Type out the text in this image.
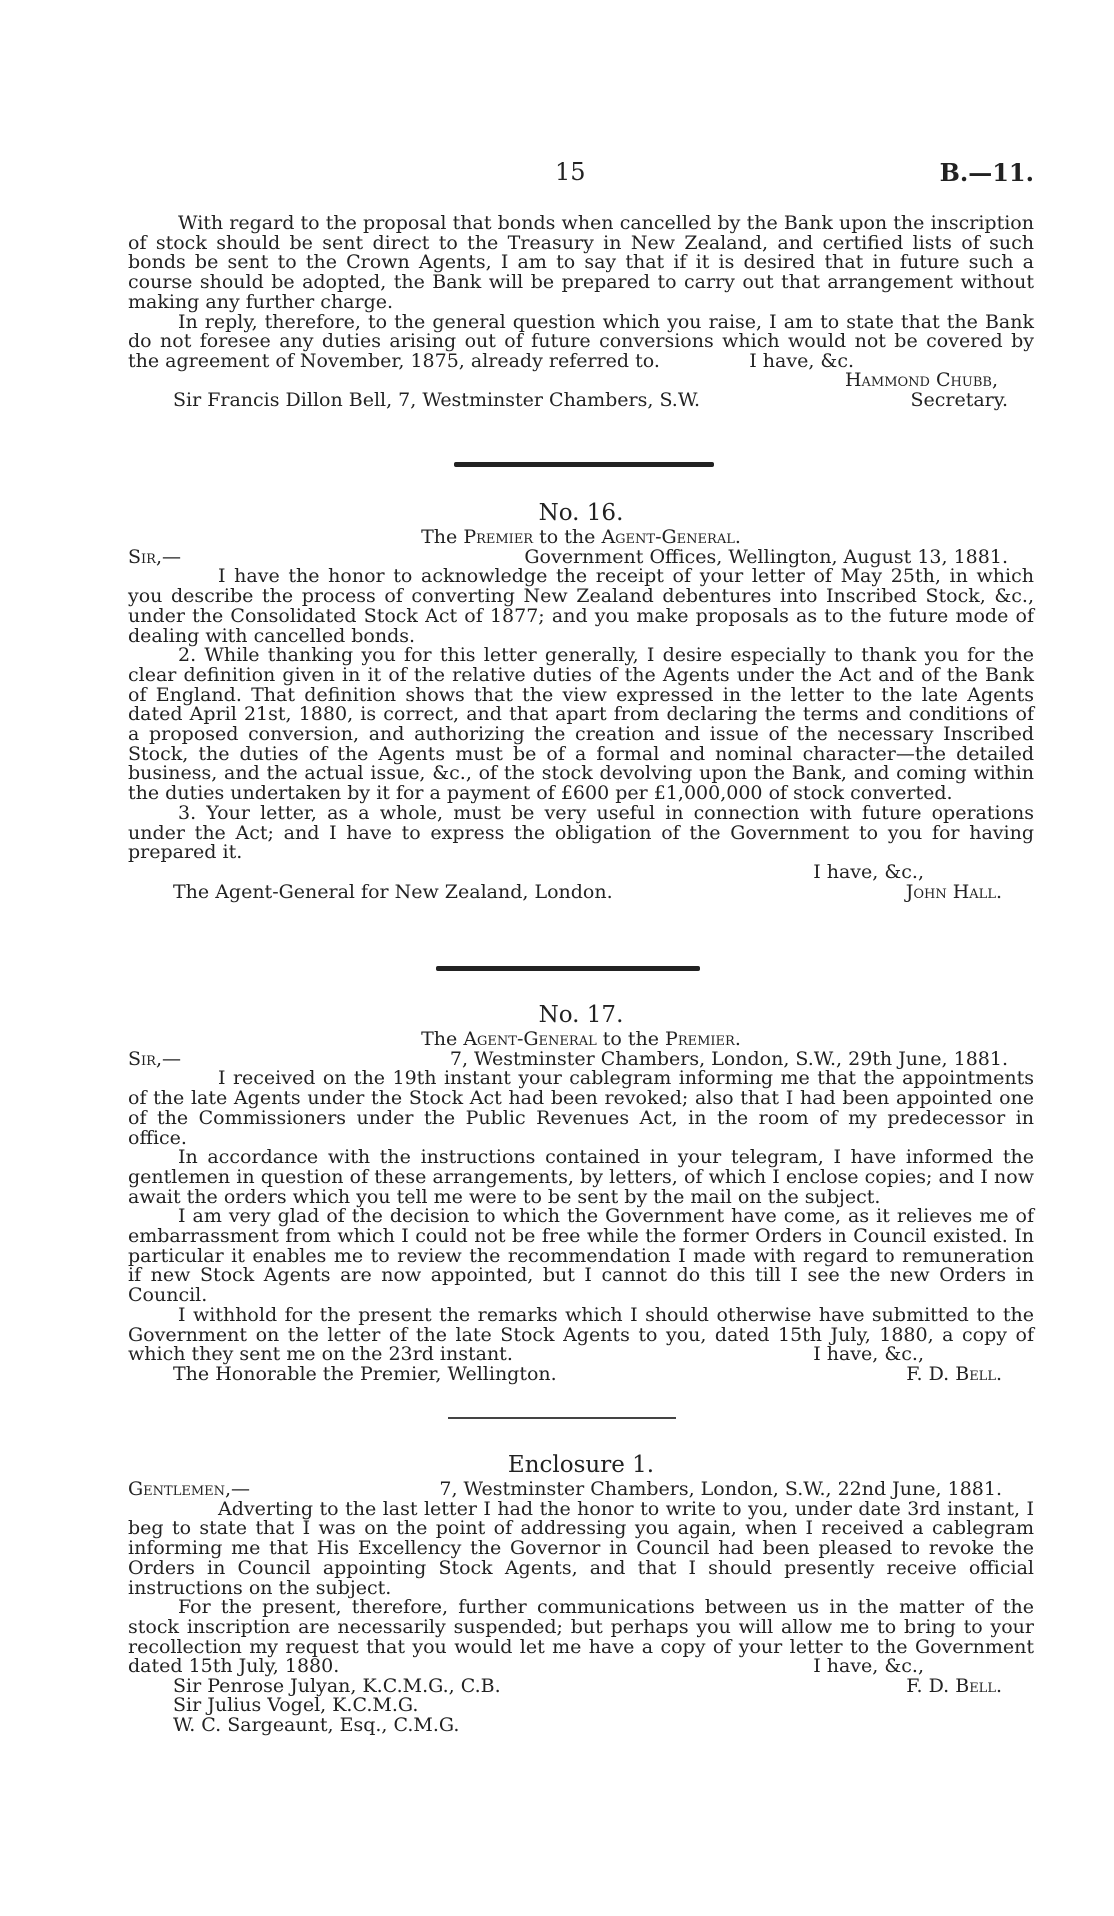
15	B.—11.

With regard to the proposal that bonds when cancelled by the Bank upon the inscription of stock should be sent direct to the Treasury in New Zealand, and certified lists of such bonds be sent to the Crown Agents, I am to say that if it is desired that in future such a course should be adopted, the Bank will be prepared to carry out that arrangement without making any further charge.

In reply, therefore, to the general question which you raise, I am to state that the Bank do not foresee any duties arising out of future conversions which would not be covered by the agreement of November, 1875, already referred to.	I have, &c.
Hammond Chubb,
Sir Francis Dillon Bell, 7, Westminster Chambers, S.W.	Secretary.
No. 16.
The Premier to the Agent-General.
Sir,—	Government Offices, Wellington, August 13, 1881.

I have the honor to acknowledge the receipt of your letter of May 25th, in which you describe the process of converting New Zealand debentures into Inscribed Stock, &c., under the Consolidated Stock Act of 1877; and you make proposals as to the future mode of dealing with cancelled bonds.

2. While thanking you for this letter generally, I desire especially to thank you for the clear definition given in it of the relative duties of the Agents under the Act and of the Bank of England. That definition shows that the view expressed in the letter to the late Agents dated April 21st, 1880, is correct, and that apart from declaring the terms and conditions of a proposed conversion, and authorizing the creation and issue of the necessary Inscribed Stock, the duties of the Agents must be of a formal and nominal character—the detailed business, and the actual issue, &c., of the stock devolving upon the Bank, and coming within the duties undertaken by it for a payment of £600 per £1,000,000 of stock converted.

3. Your letter, as a whole, must be very useful in connection with future operations under the Act; and I have to express the obligation of the Government to you for having prepared it.

I have, &c.,
The Agent-General for New Zealand, London.	John Hall.
No. 17.
The Agent-General to the Premier.
Sir,—	7, Westminster Chambers, London, S.W., 29th June, 1881.

I received on the 19th instant your cablegram informing me that the appointments of the late Agents under the Stock Act had been revoked; also that I had been appointed one of the Commissioners under the Public Revenues Act, in the room of my predecessor in office.

In accordance with the instructions contained in your telegram, I have informed the gentlemen in question of these arrangements, by letters, of which I enclose copies; and I now await the orders which you tell me were to be sent by the mail on the subject.

I am very glad of the decision to which the Government have come, as it relieves me of embarrassment from which I could not be free while the former Orders in Council existed. In particular it enables me to review the recommendation I made with regard to remuneration if new Stock Agents are now appointed, but I cannot do this till I see the new Orders in Council.

I withhold for the present the remarks which I should otherwise have submitted to the Government on the letter of the late Stock Agents to you, dated 15th July, 1880, a copy of which they sent me on the 23rd instant.	I have, &c.,
The Honorable the Premier, Wellington.	F. D. Bell.
Enclosure 1.
Gentlemen,—	7, Westminster Chambers, London, S.W., 22nd June, 1881.

Adverting to the last letter I had the honor to write to you, under date 3rd instant, I beg to state that I was on the point of addressing you again, when I received a cablegram informing me that His Excellency the Governor in Council had been pleased to revoke the Orders in Council appointing Stock Agents, and that I should presently receive official instructions on the subject.

For the present, therefore, further communications between us in the matter of the stock inscription are necessarily suspended; but perhaps you will allow me to bring to your recollection my request that you would let me have a copy of your letter to the Government dated 15th July, 1880.	I have, &c.,
Sir Penrose Julyan, K.C.M.G., C.B.	F. D. Bell.
Sir Julius Vogel, K.C.M.G.
W. C. Sargeaunt, Esq., C.M.G.
